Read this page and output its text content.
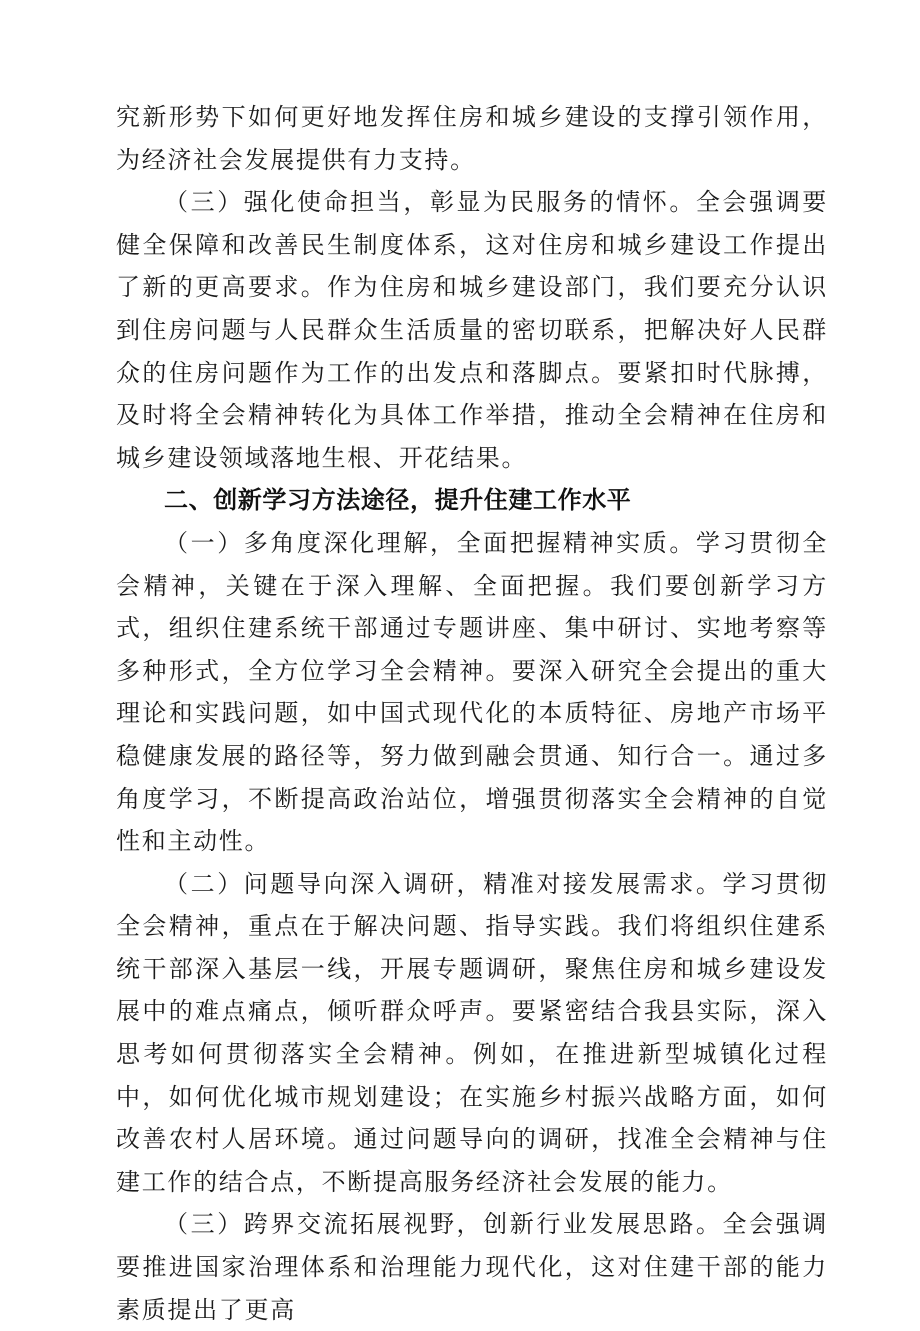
究新形势下如何更好地发挥住房和城乡建设的支撑引领作用，为经济社会发展提供有力支持。

（三）强化使命担当，彰显为民服务的情怀。全会强调要健全保障和改善民生制度体系，这对住房和城乡建设工作提出了新的更高要求。作为住房和城乡建设部门，我们要充分认识到住房问题与人民群众生活质量的密切联系，把解决好人民群众的住房问题作为工作的出发点和落脚点。要紧扣时代脉搏，及时将全会精神转化为具体工作举措，推动全会精神在住房和城乡建设领域落地生根、开花结果。

二、创新学习方法途径，提升住建工作水平

（一）多角度深化理解，全面把握精神实质。学习贯彻全会精神，关键在于深入理解、全面把握。我们要创新学习方式，组织住建系统干部通过专题讲座、集中研讨、实地考察等多种形式，全方位学习全会精神。要深入研究全会提出的重大理论和实践问题，如中国式现代化的本质特征、房地产市场平稳健康发展的路径等，努力做到融会贯通、知行合一。通过多角度学习，不断提高政治站位，增强贯彻落实全会精神的自觉性和主动性。

（二）问题导向深入调研，精准对接发展需求。学习贯彻全会精神，重点在于解决问题、指导实践。我们将组织住建系统干部深入基层一线，开展专题调研，聚焦住房和城乡建设发展中的难点痛点，倾听群众呼声。要紧密结合我县实际，深入思考如何贯彻落实全会精神。例如，在推进新型城镇化过程中，如何优化城市规划建设；在实施乡村振兴战略方面，如何改善农村人居环境。通过问题导向的调研，找准全会精神与住建工作的结合点，不断提高服务经济社会发展的能力。

（三）跨界交流拓展视野，创新行业发展思路。全会强调要推进国家治理体系和治理能力现代化，这对住建干部的能力素质提出了更高
